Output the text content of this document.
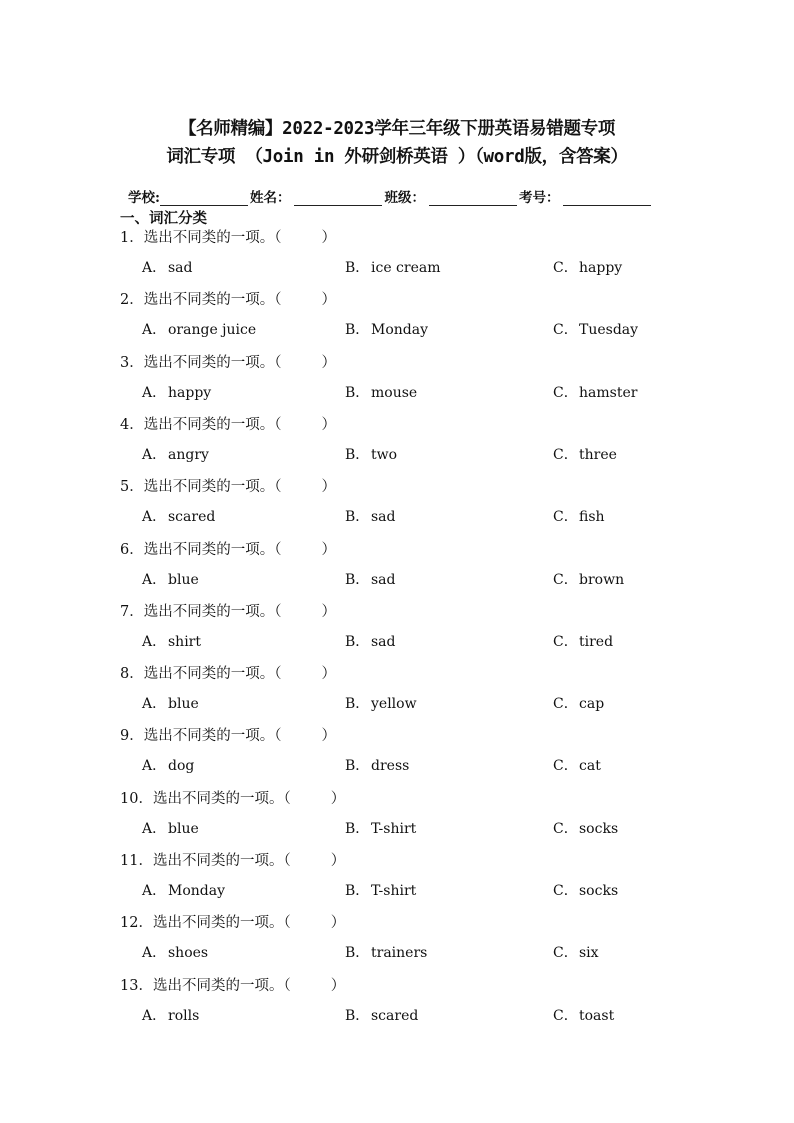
【名师精编】2022-2023学年三年级下册英语易错题专项
词汇专项 （Join in 外研剑桥英语 ）（word版，含答案）
学校:	姓名：	班级：	考号：
一、词汇分类
1．选出不同类的一项。（	）
A． sad	B． ice cream	C．happy
2．选出不同类的一项。（	）
A． orange juice	B． Monday	C．Tuesday
3．选出不同类的一项。（	）
A． happy	B． mouse	C．hamster
4．选出不同类的一项。（	）
A． angry	B． two	C．three
5．选出不同类的一项。（	）
A． scared	B． sad	C．fish
6．选出不同类的一项。（	）
A． blue	B． sad	C．brown
7．选出不同类的一项。（	）
A． shirt	B． sad	C．tired
8．选出不同类的一项。（	）
A． blue	B． yellow	C．cap
9．选出不同类的一项。（	）
A． dog	B． dress	C．cat
10．选出不同类的一项。（	）
A． blue	B． T-shirt	C．socks
11．选出不同类的一项。（	）
A． Monday	B． T-shirt	C．socks
12．选出不同类的一项。（	）
A． shoes	B． trainers	C．six
13．选出不同类的一项。（	）
A． rolls	B． scared	C．toast
